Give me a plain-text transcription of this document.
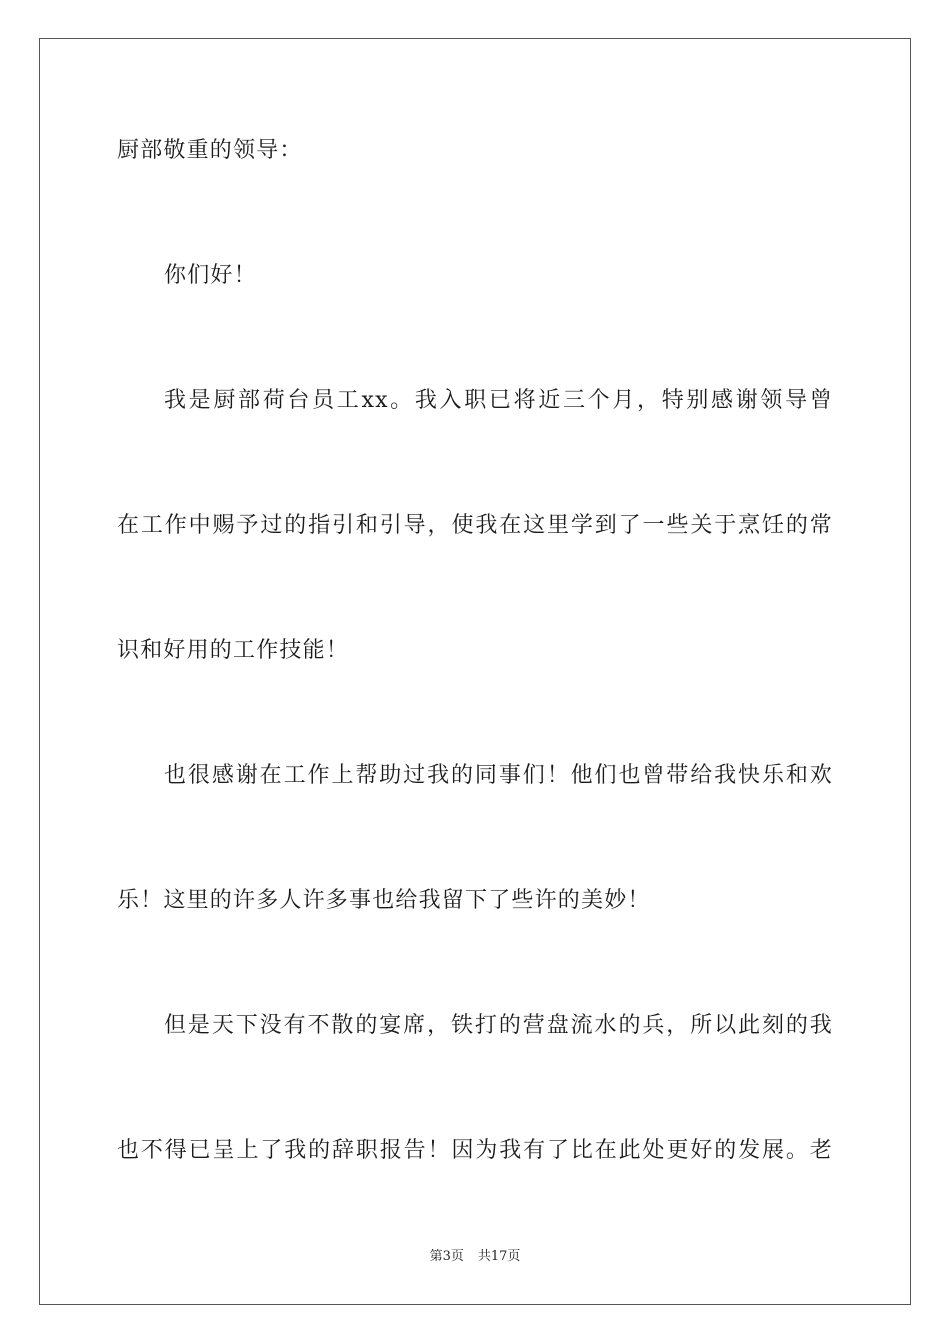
厨部敬重的领导：
你们好！
我是厨部荷台员工xx。我入职已将近三个月，特别感谢领导曾
在工作中赐予过的指引和引导，使我在这里学到了一些关于烹饪的常
识和好用的工作技能！
也很感谢在工作上帮助过我的同事们！他们也曾带给我快乐和欢
乐！这里的许多人许多事也给我留下了些许的美妙！
但是天下没有不散的宴席，铁打的营盘流水的兵，所以此刻的我
也不得已呈上了我的辞职报告！因为我有了比在此处更好的发展。老
第3页 共17页
